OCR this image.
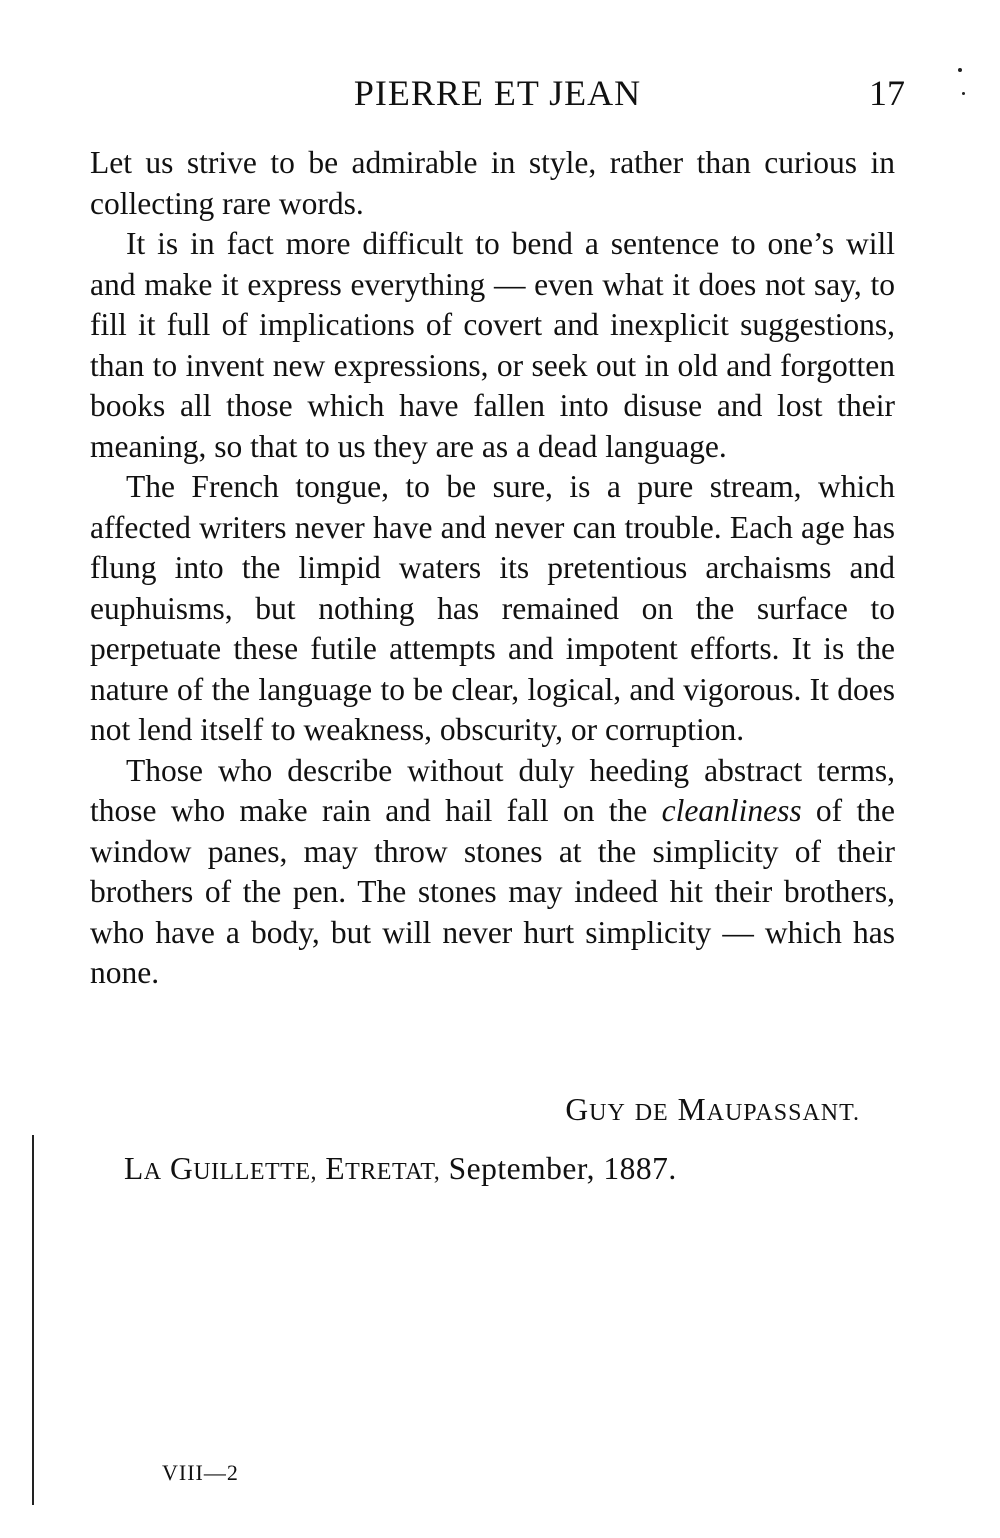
PIERRE ET JEAN	17

Let us strive to be admirable in style, rather than curious in collecting rare words.

It is in fact more difficult to bend a sentence to one’s will and make it express everything — even what it does not say, to fill it full of implications of covert and inexplicit suggestions, than to invent new expressions, or seek out in old and forgotten books all those which have fallen into disuse and lost their meaning, so that to us they are as a dead language.

The French tongue, to be sure, is a pure stream, which affected writers never have and never can trouble. Each age has flung into the limpid waters its pretentious archaisms and euphuisms, but nothing has remained on the surface to perpetuate these futile attempts and impotent efforts. It is the nature of the language to be clear, logical, and vigorous. It does not lend itself to weakness, obscurity, or corruption.

Those who describe without duly heeding abstract terms, those who make rain and hail fall on the cleanliness of the window panes, may throw stones at the simplicity of their brothers of the pen. The stones may indeed hit their brothers, who have a body, but will never hurt simplicity — which has none.

GUY DE MAUPASSANT.
LA GUILLETTE, ETRETAT, September, 1887.
VIII—2
